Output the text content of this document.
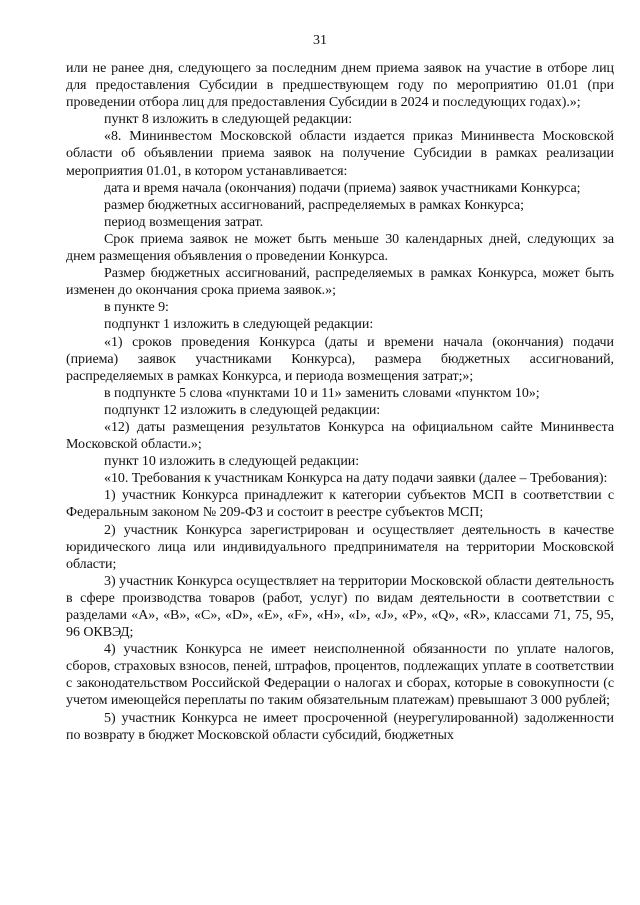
31

или не ранее дня, следующего за последним днем приема заявок на участие в отборе лиц для предоставления Субсидии в предшествующем году по мероприятию 01.01 (при проведении отбора лиц для предоставления Субсидии в 2024 и последующих годах).»;

пункт 8 изложить в следующей редакции:

«8. Мининвестом Московской области издается приказ Мининвеста Московской области об объявлении приема заявок на получение Субсидии в рамках реализации мероприятия 01.01, в котором устанавливается:

дата и время начала (окончания) подачи (приема) заявок участниками Конкурса;

размер бюджетных ассигнований, распределяемых в рамках Конкурса;

период возмещения затрат.

Срок приема заявок не может быть меньше 30 календарных дней, следующих за днем размещения объявления о проведении Конкурса.

Размер бюджетных ассигнований, распределяемых в рамках Конкурса, может быть изменен до окончания срока приема заявок.»;

в пункте 9:

подпункт 1 изложить в следующей редакции:

«1) сроков проведения Конкурса (даты и времени начала (окончания) подачи (приема) заявок участниками Конкурса), размера бюджетных ассигнований, распределяемых в рамках Конкурса, и периода возмещения затрат;»;

в подпункте 5 слова «пунктами 10 и 11» заменить словами «пунктом 10»;

подпункт 12 изложить в следующей редакции:

«12) даты размещения результатов Конкурса на официальном сайте Мининвеста Московской области.»;

пункт 10 изложить в следующей редакции:

«10. Требования к участникам Конкурса на дату подачи заявки (далее – Требования):

1) участник Конкурса принадлежит к категории субъектов МСП в соответствии с Федеральным законом № 209-ФЗ и состоит в реестре субъектов МСП;

2) участник Конкурса зарегистрирован и осуществляет деятельность в качестве юридического лица или индивидуального предпринимателя на территории Московской области;

3) участник Конкурса осуществляет на территории Московской области деятельность в сфере производства товаров (работ, услуг) по видам деятельности в соответствии с разделами «A», «B», «C», «D», «E», «F», «H», «I», «J», «P», «Q», «R», классами 71, 75, 95, 96 ОКВЭД;

4) участник Конкурса не имеет неисполненной обязанности по уплате налогов, сборов, страховых взносов, пеней, штрафов, процентов, подлежащих уплате в соответствии с законодательством Российской Федерации о налогах и сборах, которые в совокупности (с учетом имеющейся переплаты по таким обязательным платежам) превышают 3 000 рублей;

5) участник Конкурса не имеет просроченной (неурегулированной) задолженности по возврату в бюджет Московской области субсидий, бюджетных
